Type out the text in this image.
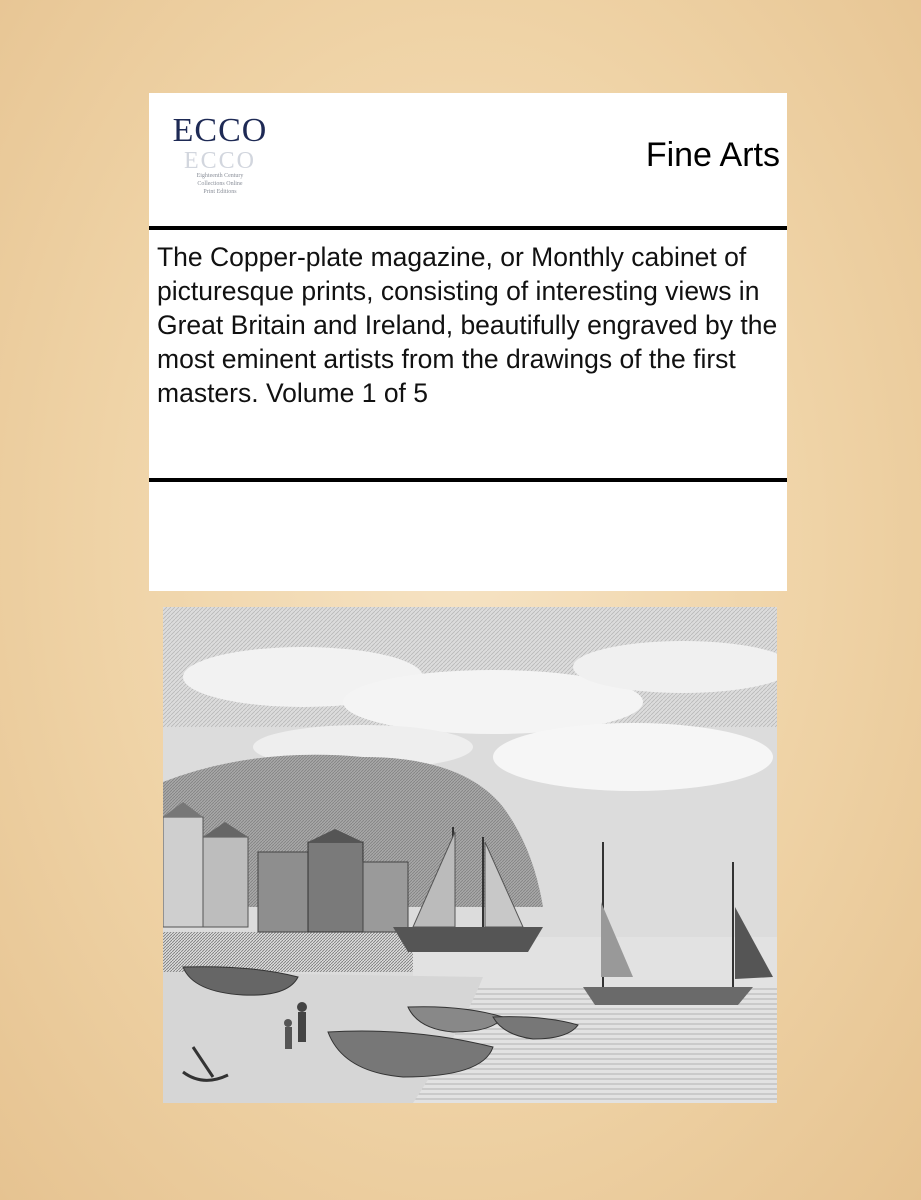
ECCO
ECCO
Eighteenth Century
Collections Online
Print Editions
Fine Arts
The Copper-plate magazine, or Monthly cabinet of picturesque prints, consisting of interesting views in Great Britain and Ireland, beautifully engraved by the most eminent artists from the drawings of the first masters. Volume 1 of 5
